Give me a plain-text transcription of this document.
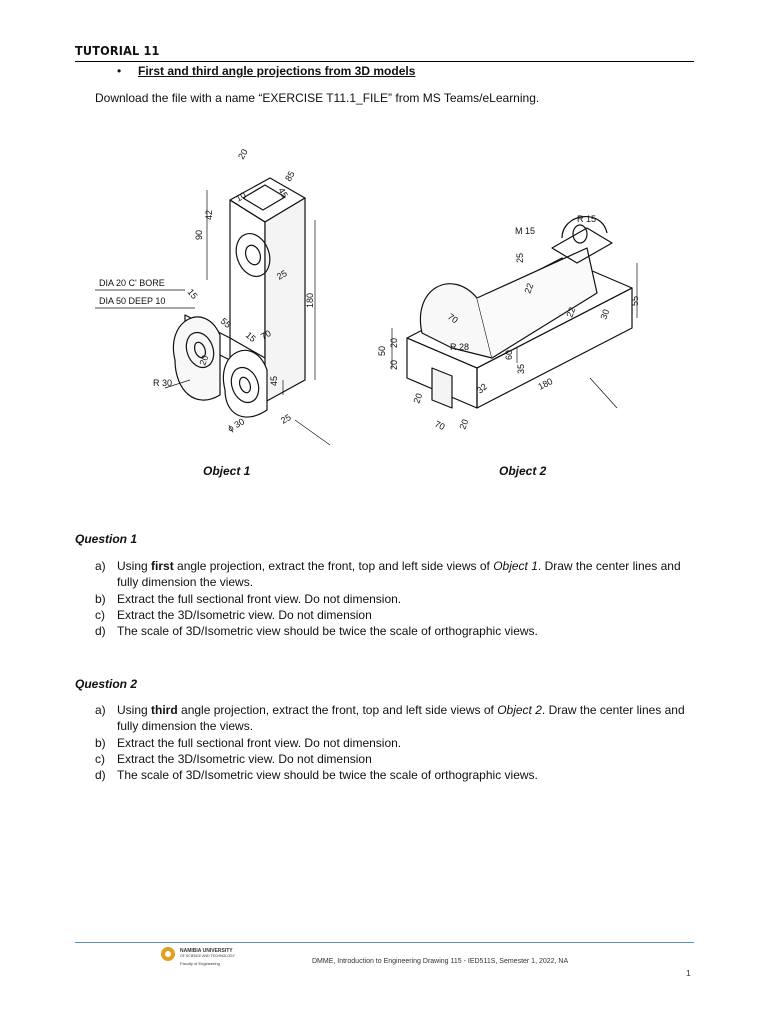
TUTORIAL 11
• First and third angle projections from 3D models
Download the file with a name “EXERCISE T11.1_FILE” from MS Teams/eLearning.
20
85
10	45
42
90
DIA 20 C' BORE
DIA 50 DEEP 10
15
25
180
55
15 70
20
R 30	45
ϕ 30	25
R 15
M 15
25
55
22
22 30
70
R 28
50
20
20
60
35
32	180
20
70 20
Object 1	Object 2
Question 1
a) Using first angle projection, extract the front, top and left side views of Object 1. Draw the center lines and
fully dimension the views.
b) Extract the full sectional front view. Do not dimension.
c) Extract the 3D/Isometric view. Do not dimension
d) The scale of 3D/Isometric view should be twice the scale of orthographic views.
Question 2
a) Using third angle projection, extract the front, top and left side views of Object 2. Draw the center lines and
fully dimension the views.
b) Extract the full sectional front view. Do not dimension.
c) Extract the 3D/Isometric view. Do not dimension
d) The scale of 3D/Isometric view should be twice the scale of orthographic views.
NAMIBIA UNIVERSITY
OF SCIENCE AND TECHNOLOGY
Faculty of Engineering	DMME, Introduction to Engineering Drawing 115 - IED511S, Semester 1, 2022, NA
1
